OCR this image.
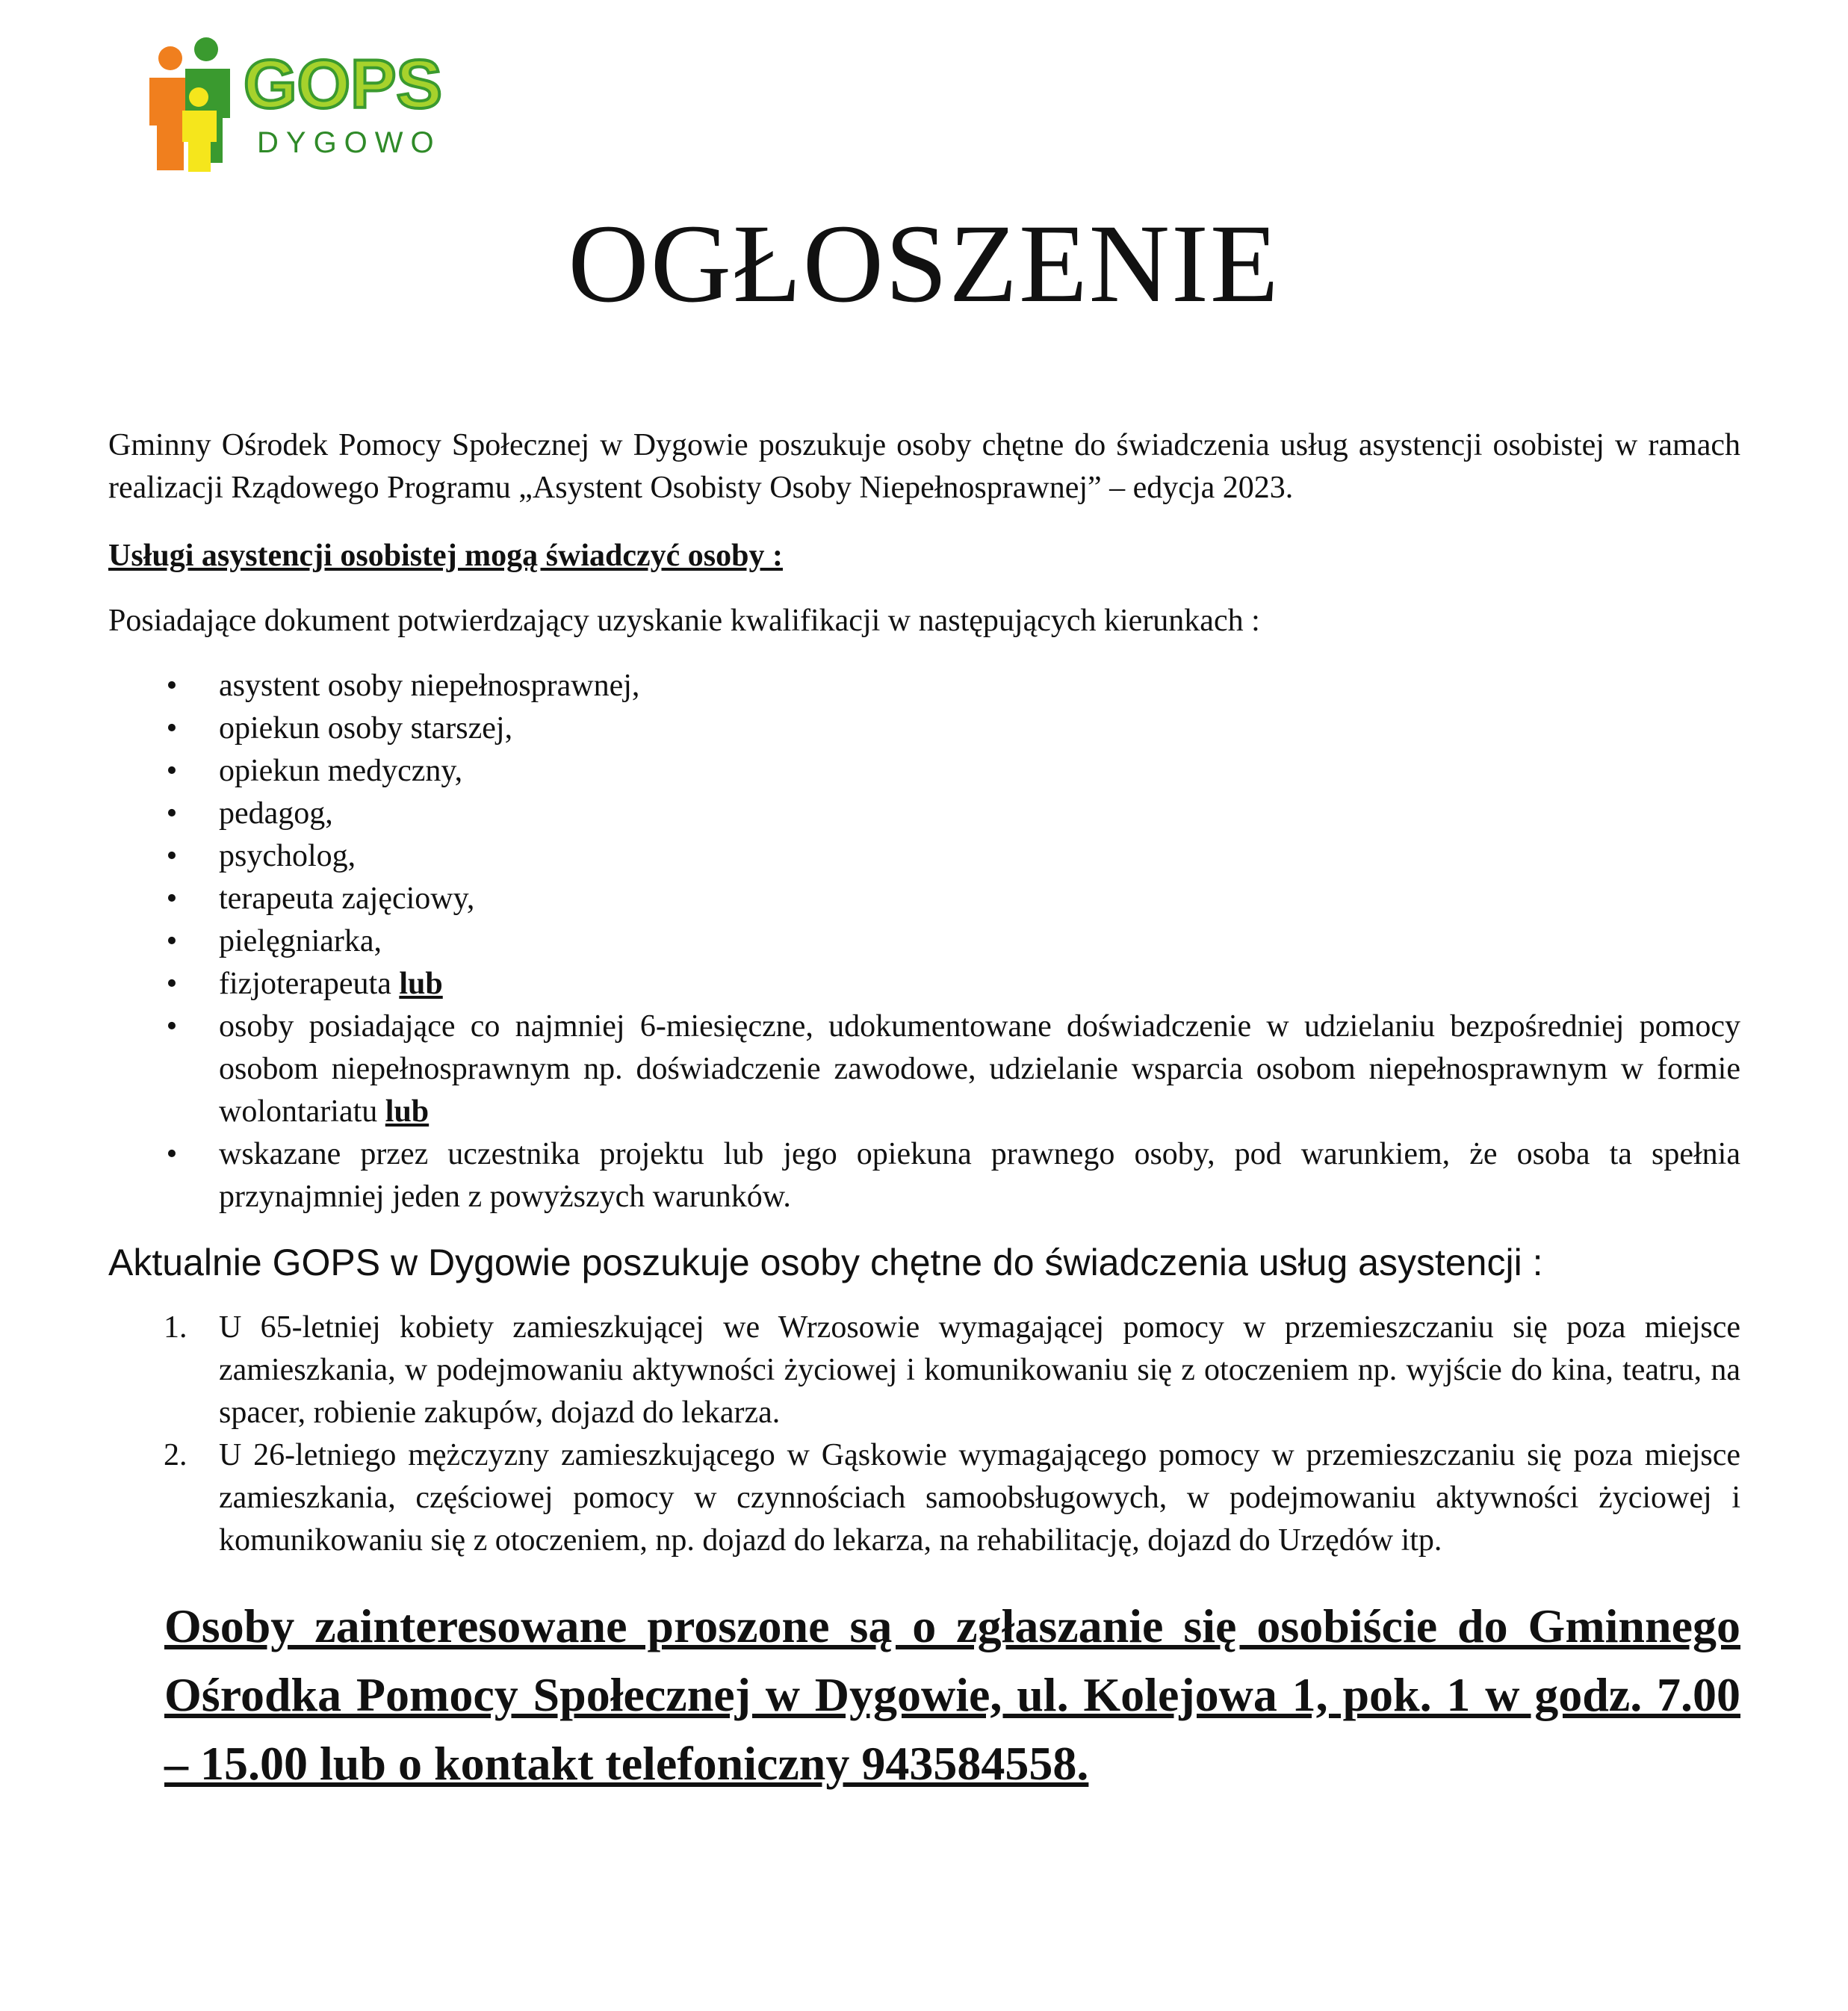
GOPS
DYGOWO
OGŁOSZENIE

Gminny Ośrodek Pomocy Społecznej w Dygowie poszukuje osoby chętne do świadczenia usług asystencji osobistej w ramach realizacji Rządowego Programu „Asystent Osobisty Osoby Niepełnosprawnej” – edycja 2023.

Usługi asystencji osobistej mogą świadczyć osoby :

Posiadające dokument potwierdzający uzyskanie kwalifikacji w następujących kierunkach :

• asystent osoby niepełnosprawnej,
• opiekun osoby starszej,
• opiekun medyczny,
• pedagog,
• psycholog,
• terapeuta zajęciowy,
• pielęgniarka,
• fizjoterapeuta lub
• osoby posiadające co najmniej 6-miesięczne, udokumentowane doświadczenie w udzielaniu bezpośredniej pomocy osobom niepełnosprawnym np. doświadczenie zawodowe, udzielanie wsparcia osobom niepełnosprawnym w formie wolontariatu lub
• wskazane przez uczestnika projektu lub jego opiekuna prawnego osoby, pod warunkiem, że osoba ta spełnia przynajmniej jeden z powyższych warunków.

Aktualnie GOPS w Dygowie poszukuje osoby chętne do świadczenia usług asystencji :

1. U 65-letniej kobiety zamieszkującej we Wrzosowie wymagającej pomocy w przemieszczaniu się poza miejsce zamieszkania, w podejmowaniu aktywności życiowej i komunikowaniu się z otoczeniem np. wyjście do kina, teatru, na spacer, robienie zakupów, dojazd do lekarza.
2. U 26-letniego mężczyzny zamieszkującego w Gąskowie wymagającego pomocy w przemieszczaniu się poza miejsce zamieszkania, częściowej pomocy w czynnościach samoobsługowych, w podejmowaniu aktywności życiowej i komunikowaniu się z otoczeniem, np. dojazd do lekarza, na rehabilitację, dojazd do Urzędów itp.

Osoby zainteresowane proszone są o zgłaszanie się osobiście do Gminnego Ośrodka Pomocy Społecznej w Dygowie, ul. Kolejowa 1, pok. 1 w godz. 7.00 – 15.00 lub o kontakt telefoniczny 943584558.
